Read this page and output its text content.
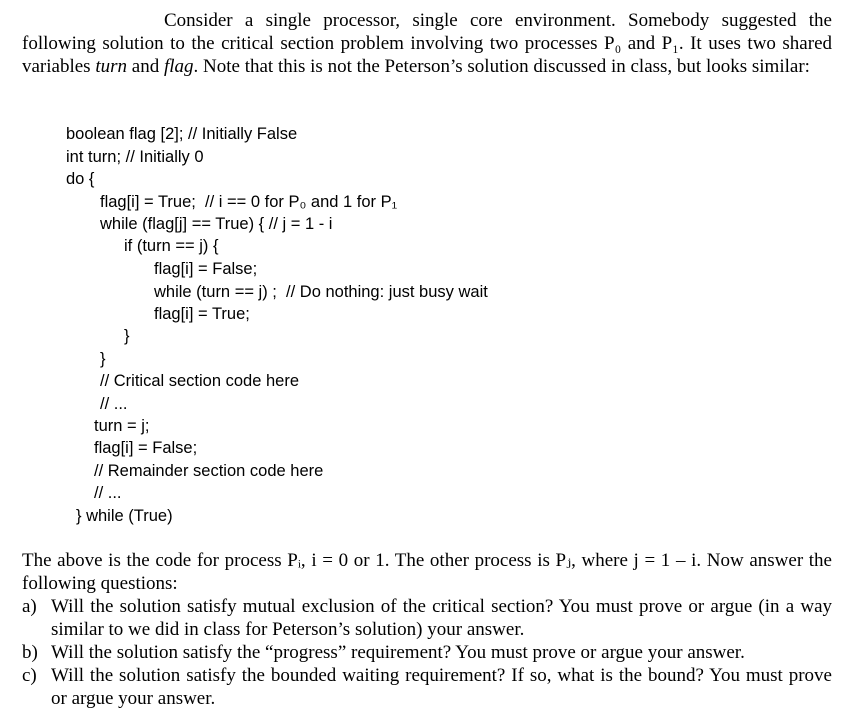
Consider a single processor, single core environment. Somebody suggested the following solution to the critical section problem involving two processes P₀ and P₁. It uses two shared variables turn and flag. Note that this is not the Peterson’s solution discussed in class, but looks similar:

boolean flag [2]; // Initially False
int turn; // Initially 0
do {
flag[i] = True;  // i == 0 for P₀ and 1 for P₁
while (flag[j] == True) { // j = 1 - i
if (turn == j) {
flag[i] = False;
while (turn == j) ;  // Do nothing: just busy wait
flag[i] = True;
}
}
// Critical section code here
// ...
turn = j;
flag[i] = False;
// Remainder section code here
// ...
} while (True)

The above is the code for process Pᵢ, i = 0 or 1. The other process is Pⱼ, where j = 1 – i. Now answer the following questions:

a) Will the solution satisfy mutual exclusion of the critical section? You must prove or argue (in a way similar to we did in class for Peterson’s solution) your answer.
b) Will the solution satisfy the “progress” requirement? You must prove or argue your answer.
c) Will the solution satisfy the bounded waiting requirement? If so, what is the bound? You must prove or argue your answer.
